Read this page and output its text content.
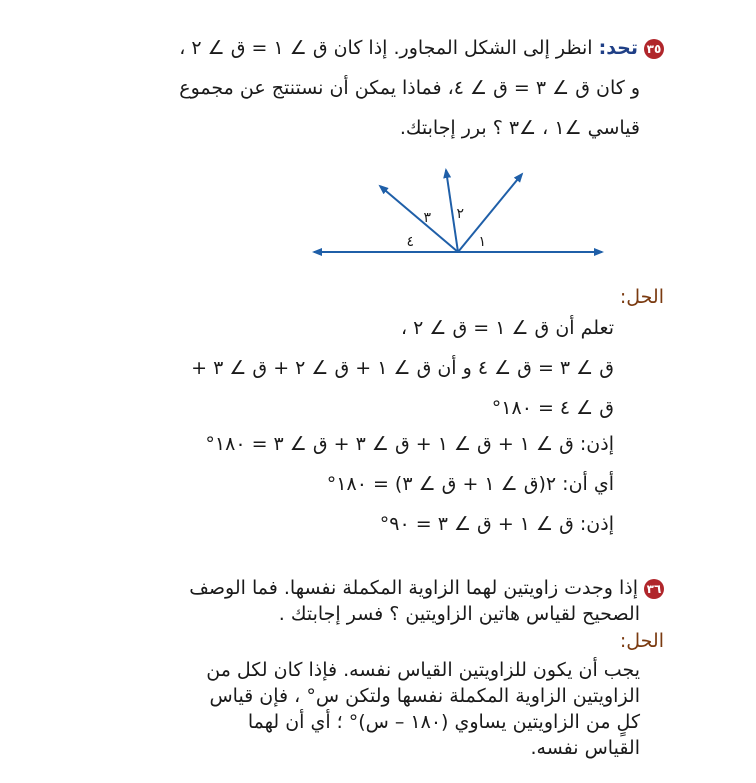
٣٥تحد: انظر إلى الشكل المجاور. إذا كان ق ∠ ١ = ق ∠ ٢ ،
و كان ق ∠ ٣ = ق ∠ ٤، فماذا يمكن أن نستنتج عن مجموع
قياسي ∠١ ، ∠٣ ؟ برر إجابتك.
١
٢
٣
٤
الحل:
تعلم أن ق ∠ ١ = ق ∠ ٢ ،
ق ∠ ٣ = ق ∠ ٤ و أن ق ∠ ١ + ق ∠ ٢ + ق ∠ ٣ +
ق ∠ ٤ = ١٨٠°
إذن: ق ∠ ١ + ق ∠ ١ + ق ∠ ٣ + ق ∠ ٣ = ١٨٠°
أي أن: ٢(ق ∠ ١ + ق ∠ ٣) = ١٨٠°
إذن: ق ∠ ١ + ق ∠ ٣ = ٩٠°
٣٦إذا وجدت زاويتين لهما الزاوية المكملة نفسها. فما الوصف
الصحيح لقياس هاتين الزاويتين ؟ فسر إجابتك .
الحل:
يجب أن يكون للزاويتين القياس نفسه. فإذا كان لكل من
الزاويتين الزاوية المكملة نفسها ولتكن س° ، فإن قياس
كلٍ من الزاويتين يساوي (١٨٠ – س)° ؛ أي أن لهما
القياس نفسه.
